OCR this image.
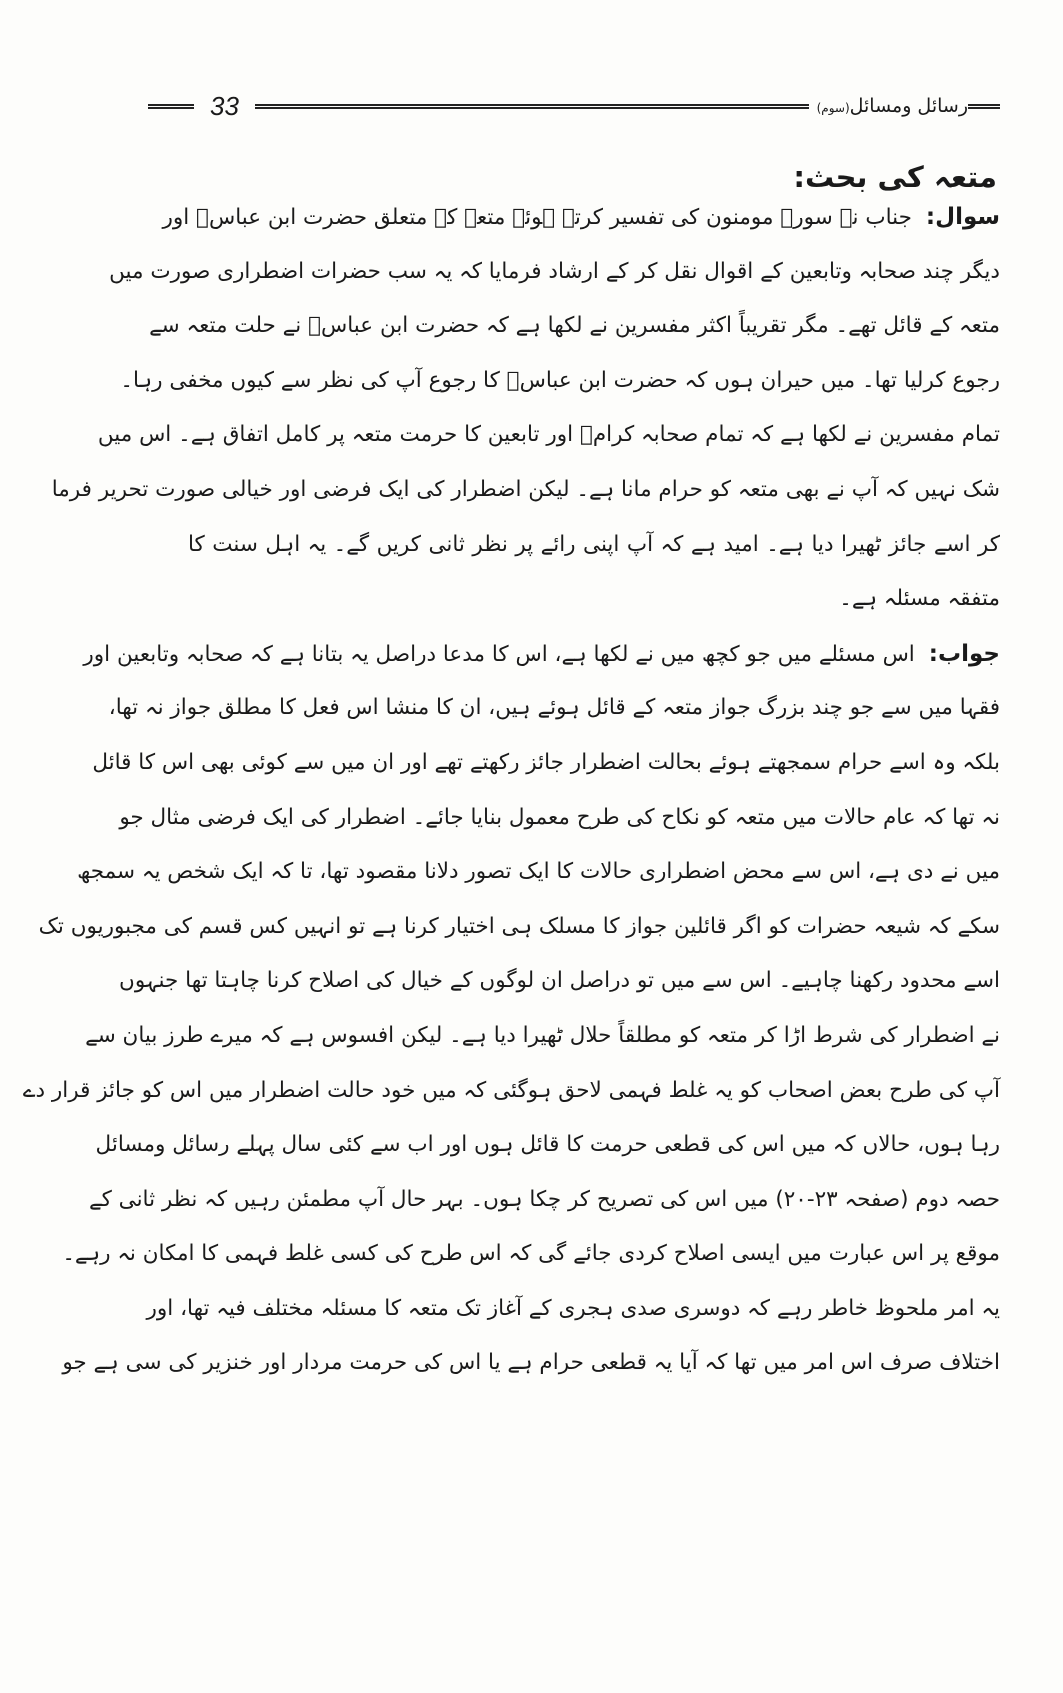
33	رسائل ومسائل(سوم)
متعہ کی بحث:
سوال:جناب نے سورہ مومنون کی تفسیر کرتے ہوئے متعہ کے متعلق حضرت ابن عباسؓ اور
دیگر چند صحابہ وتابعین کے اقوال نقل کر کے ارشاد فرمایا کہ یہ سب حضرات اضطراری صورت میں
متعہ کے قائل تھے۔ مگر تقریباً اکثر مفسرین نے لکھا ہے کہ حضرت ابن عباسؓ نے حلت متعہ سے
رجوع کرلیا تھا۔ میں حیران ہوں کہ حضرت ابن عباسؓ کا رجوع آپ کی نظر سے کیوں مخفی رہا۔
تمام مفسرین نے لکھا ہے کہ تمام صحابہ کرامؓ اور تابعین کا حرمت متعہ پر کامل اتفاق ہے۔ اس میں
شک نہیں کہ آپ نے بھی متعہ کو حرام مانا ہے۔ لیکن اضطرار کی ایک فرضی اور خیالی صورت تحریر فرما
کر اسے جائز ٹھیرا دیا ہے۔ امید ہے کہ آپ اپنی رائے پر نظر ثانی کریں گے۔ یہ اہل سنت کا
متفقہ مسئلہ ہے۔
جواب:اس مسئلے میں جو کچھ میں نے لکھا ہے، اس کا مدعا دراصل یہ بتانا ہے کہ صحابہ وتابعین اور
فقہا میں سے جو چند بزرگ جواز متعہ کے قائل ہوئے ہیں، ان کا منشا اس فعل کا مطلق جواز نہ تھا،
بلکہ وہ اسے حرام سمجھتے ہوئے بحالت اضطرار جائز رکھتے تھے اور ان میں سے کوئی بھی اس کا قائل
نہ تھا کہ عام حالات میں متعہ کو نکاح کی طرح معمول بنایا جائے۔ اضطرار کی ایک فرضی مثال جو
میں نے دی ہے، اس سے محض اضطراری حالات کا ایک تصور دلانا مقصود تھا، تا کہ ایک شخص یہ سمجھ
سکے کہ شیعہ حضرات کو اگر قائلین جواز کا مسلک ہی اختیار کرنا ہے تو انہیں کس قسم کی مجبوریوں تک
اسے محدود رکھنا چاہیے۔ اس سے میں تو دراصل ان لوگوں کے خیال کی اصلاح کرنا چاہتا تھا جنہوں
نے اضطرار کی شرط اڑا کر متعہ کو مطلقاً حلال ٹھیرا دیا ہے۔ لیکن افسوس ہے کہ میرے طرز بیان سے
آپ کی طرح بعض اصحاب کو یہ غلط فہمی لاحق ہوگئی کہ میں خود حالت اضطرار میں اس کو جائز قرار دے
رہا ہوں، حالاں کہ میں اس کی قطعی حرمت کا قائل ہوں اور اب سے کئی سال پہلے رسائل ومسائل
حصہ دوم (صفحہ ۲۳-۲۰) میں اس کی تصریح کر چکا ہوں۔ بہر حال آپ مطمئن رہیں کہ نظر ثانی کے
موقع پر اس عبارت میں ایسی اصلاح کردی جائے گی کہ اس طرح کی کسی غلط فہمی کا امکان نہ رہے۔
یہ امر ملحوظ خاطر رہے کہ دوسری صدی ہجری کے آغاز تک متعہ کا مسئلہ مختلف فیہ تھا، اور
اختلاف صرف اس امر میں تھا کہ آیا یہ قطعی حرام ہے یا اس کی حرمت مردار اور خنزیر کی سی ہے جو
